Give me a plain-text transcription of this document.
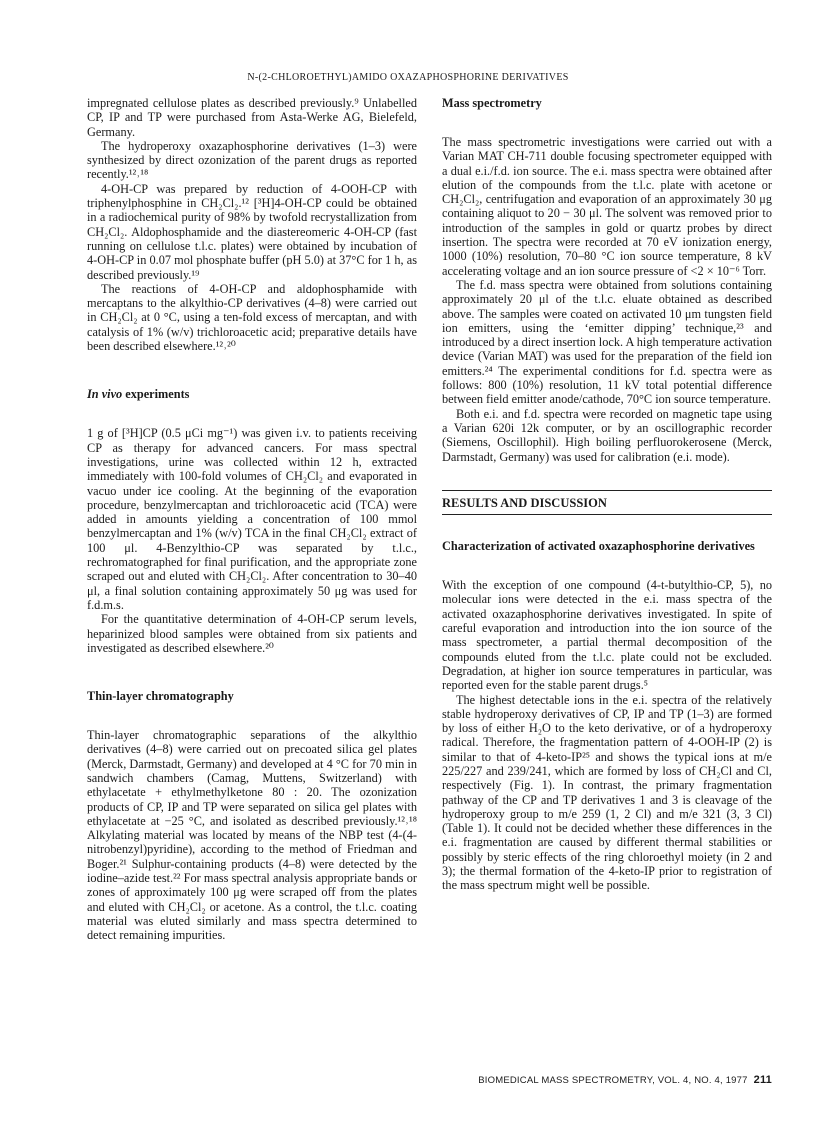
N-(2-CHLOROETHYL)AMIDO OXAZAPHOSPHORINE DERIVATIVES

impregnated cellulose plates as described previously.⁹ Unlabelled CP, IP and TP were purchased from Asta-Werke AG, Bielefeld, Germany.

The hydroperoxy oxazaphosphorine derivatives (1–3) were synthesized by direct ozonization of the parent drugs as reported recently.¹²˒¹⁸

4-OH-CP was prepared by reduction of 4-OOH-CP with triphenylphosphine in CH₂Cl₂.¹² [³H]4-OH-CP could be obtained in a radiochemical purity of 98% by twofold recrystallization from CH₂Cl₂. Aldophosphamide and the diastereomeric 4-OH-CP (fast running on cellulose t.l.c. plates) were obtained by incubation of 4-OH-CP in 0.07 mol phosphate buffer (pH 5.0) at 37°C for 1 h, as described previously.¹⁹

The reactions of 4-OH-CP and aldophosphamide with mercaptans to the alkylthio-CP derivatives (4–8) were carried out in CH₂Cl₂ at 0 °C, using a ten-fold excess of mercaptan, and with catalysis of 1% (w/v) trichloroacetic acid; preparative details have been described elsewhere.¹²˒²⁰

In vivo experiments

1 g of [³H]CP (0.5 μCi mg⁻¹) was given i.v. to patients receiving CP as therapy for advanced cancers. For mass spectral investigations, urine was collected within 12 h, extracted immediately with 100-fold volumes of CH₂Cl₂ and evaporated in vacuo under ice cooling. At the beginning of the evaporation procedure, benzylmercaptan and trichloroacetic acid (TCA) were added in amounts yielding a concentration of 100 mmol benzylmercaptan and 1% (w/v) TCA in the final CH₂Cl₂ extract of 100 μl. 4-Benzylthio-CP was separated by t.l.c., rechromatographed for final purification, and the appropriate zone scraped out and eluted with CH₂Cl₂. After concentration to 30–40 μl, a final solution containing approximately 50 μg was used for f.d.m.s.

For the quantitative determination of 4-OH-CP serum levels, heparinized blood samples were obtained from six patients and investigated as described elsewhere.²⁰

Thin-layer chromatography

Thin-layer chromatographic separations of the alkylthio derivatives (4–8) were carried out on precoated silica gel plates (Merck, Darmstadt, Germany) and developed at 4 °C for 70 min in sandwich chambers (Camag, Muttens, Switzerland) with ethylacetate + ethylmethylketone 80 : 20. The ozonization products of CP, IP and TP were separated on silica gel plates with ethylacetate at −25 °C, and isolated as described previously.¹²˒¹⁸ Alkylating material was located by means of the NBP test (4-(4-nitrobenzyl)pyridine), according to the method of Friedman and Boger.²¹ Sulphur-containing products (4–8) were detected by the iodine–azide test.²² For mass spectral analysis appropriate bands or zones of approximately 100 μg were scraped off from the plates and eluted with CH₂Cl₂ or acetone. As a control, the t.l.c. coating material was eluted similarly and mass spectra determined to detect remaining impurities.

Mass spectrometry

The mass spectrometric investigations were carried out with a Varian MAT CH-711 double focusing spectrometer equipped with a dual e.i./f.d. ion source. The e.i. mass spectra were obtained after elution of the compounds from the t.l.c. plate with acetone or CH₂Cl₂, centrifugation and evaporation of an approximately 30 μg containing aliquot to 20 − 30 μl. The solvent was removed prior to introduction of the samples in gold or quartz probes by direct insertion. The spectra were recorded at 70 eV ionization energy, 1000 (10%) resolution, 70–80 °C ion source temperature, 8 kV accelerating voltage and an ion source pressure of <2 × 10⁻⁶ Torr.

The f.d. mass spectra were obtained from solutions containing approximately 20 μl of the t.l.c. eluate obtained as described above. The samples were coated on activated 10 μm tungsten field ion emitters, using the ‘emitter dipping’ technique,²³ and introduced by a direct insertion lock. A high temperature activation device (Varian MAT) was used for the preparation of the field ion emitters.²⁴ The experimental conditions for f.d. spectra were as follows: 800 (10%) resolution, 11 kV total potential difference between field emitter anode/cathode, 70°C ion source temperature.

Both e.i. and f.d. spectra were recorded on magnetic tape using a Varian 620i 12k computer, or by an oscillographic recorder (Siemens, Oscillophil). High boiling perfluorokerosene (Merck, Darmstadt, Germany) was used for calibration (e.i. mode).

RESULTS AND DISCUSSION
Characterization of activated oxazaphosphorine derivatives

With the exception of one compound (4-t-butylthio-CP, 5), no molecular ions were detected in the e.i. mass spectra of the activated oxazaphosphorine derivatives investigated. In spite of careful evaporation and introduction into the ion source of the mass spectrometer, a partial thermal decomposition of the compounds eluted from the t.l.c. plate could not be excluded. Degradation, at higher ion source temperatures in particular, was reported even for the stable parent drugs.⁵

The highest detectable ions in the e.i. spectra of the relatively stable hydroperoxy derivatives of CP, IP and TP (1–3) are formed by loss of either H₂O to the keto derivative, or of a hydroperoxy radical. Therefore, the fragmentation pattern of 4-OOH-IP (2) is similar to that of 4-keto-IP²⁵ and shows the typical ions at m/e 225/227 and 239/241, which are formed by loss of CH₂Cl and Cl, respectively (Fig. 1). In contrast, the primary fragmentation pathway of the CP and TP derivatives 1 and 3 is cleavage of the hydroperoxy group to m/e 259 (1, 2 Cl) and m/e 321 (3, 3 Cl) (Table 1). It could not be decided whether these differences in the e.i. fragmentation are caused by different thermal stabilities or possibly by steric effects of the ring chloroethyl moiety (in 2 and 3); the thermal formation of the 4-keto-IP prior to registration of the mass spectrum might well be possible.

BIOMEDICAL MASS SPECTROMETRY, VOL. 4, NO. 4, 1977 211
